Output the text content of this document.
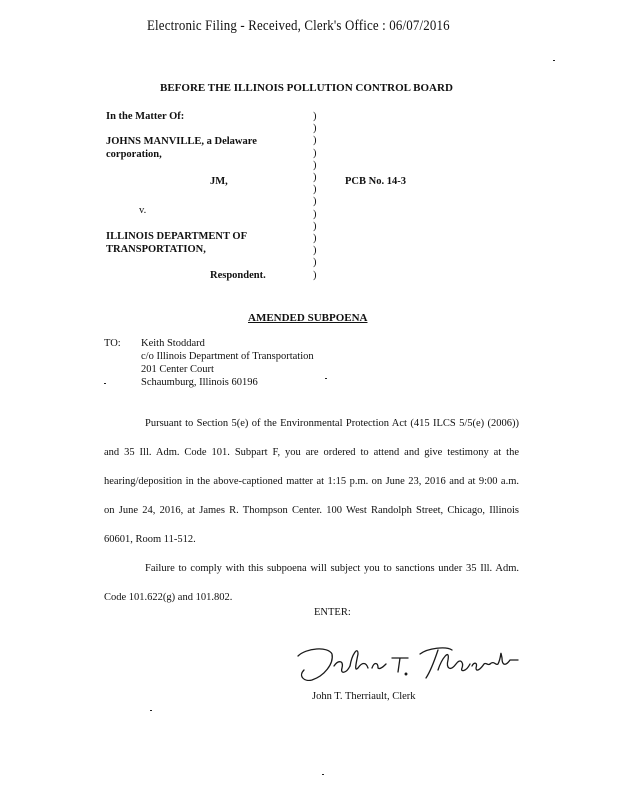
Electronic Filing - Received, Clerk's Office : 06/07/2016
BEFORE THE ILLINOIS POLLUTION CONTROL BOARD
In the Matter Of:
JOHNS MANVILLE, a Delaware
corporation,
JM,
v.
ILLINOIS DEPARTMENT OF
TRANSPORTATION,
Respondent.
PCB No. 14-3
)
)
)
)
)
)
)
)
)
)
)
)
)
)
AMENDED SUBPOENA
TO: Keith Stoddard
c/o Illinois Department of Transportation
201 Center Court
Schaumburg, Illinois 60196

Pursuant to Section 5(e) of the Environmental Protection Act (415 ILCS 5/5(e) (2006)) and 35 Ill. Adm. Code 101. Subpart F, you are ordered to attend and give testimony at the hearing/deposition in the above-captioned matter at 1:15 p.m. on June 23, 2016 and at 9:00 a.m. on June 24, 2016, at James R. Thompson Center. 100 West Randolph Street, Chicago, Illinois 60601, Room 11-512.

Failure to comply with this subpoena will subject you to sanctions under 35 Ill. Adm. Code 101.622(g) and 101.802.

ENTER:
John T. Therriault, Clerk
